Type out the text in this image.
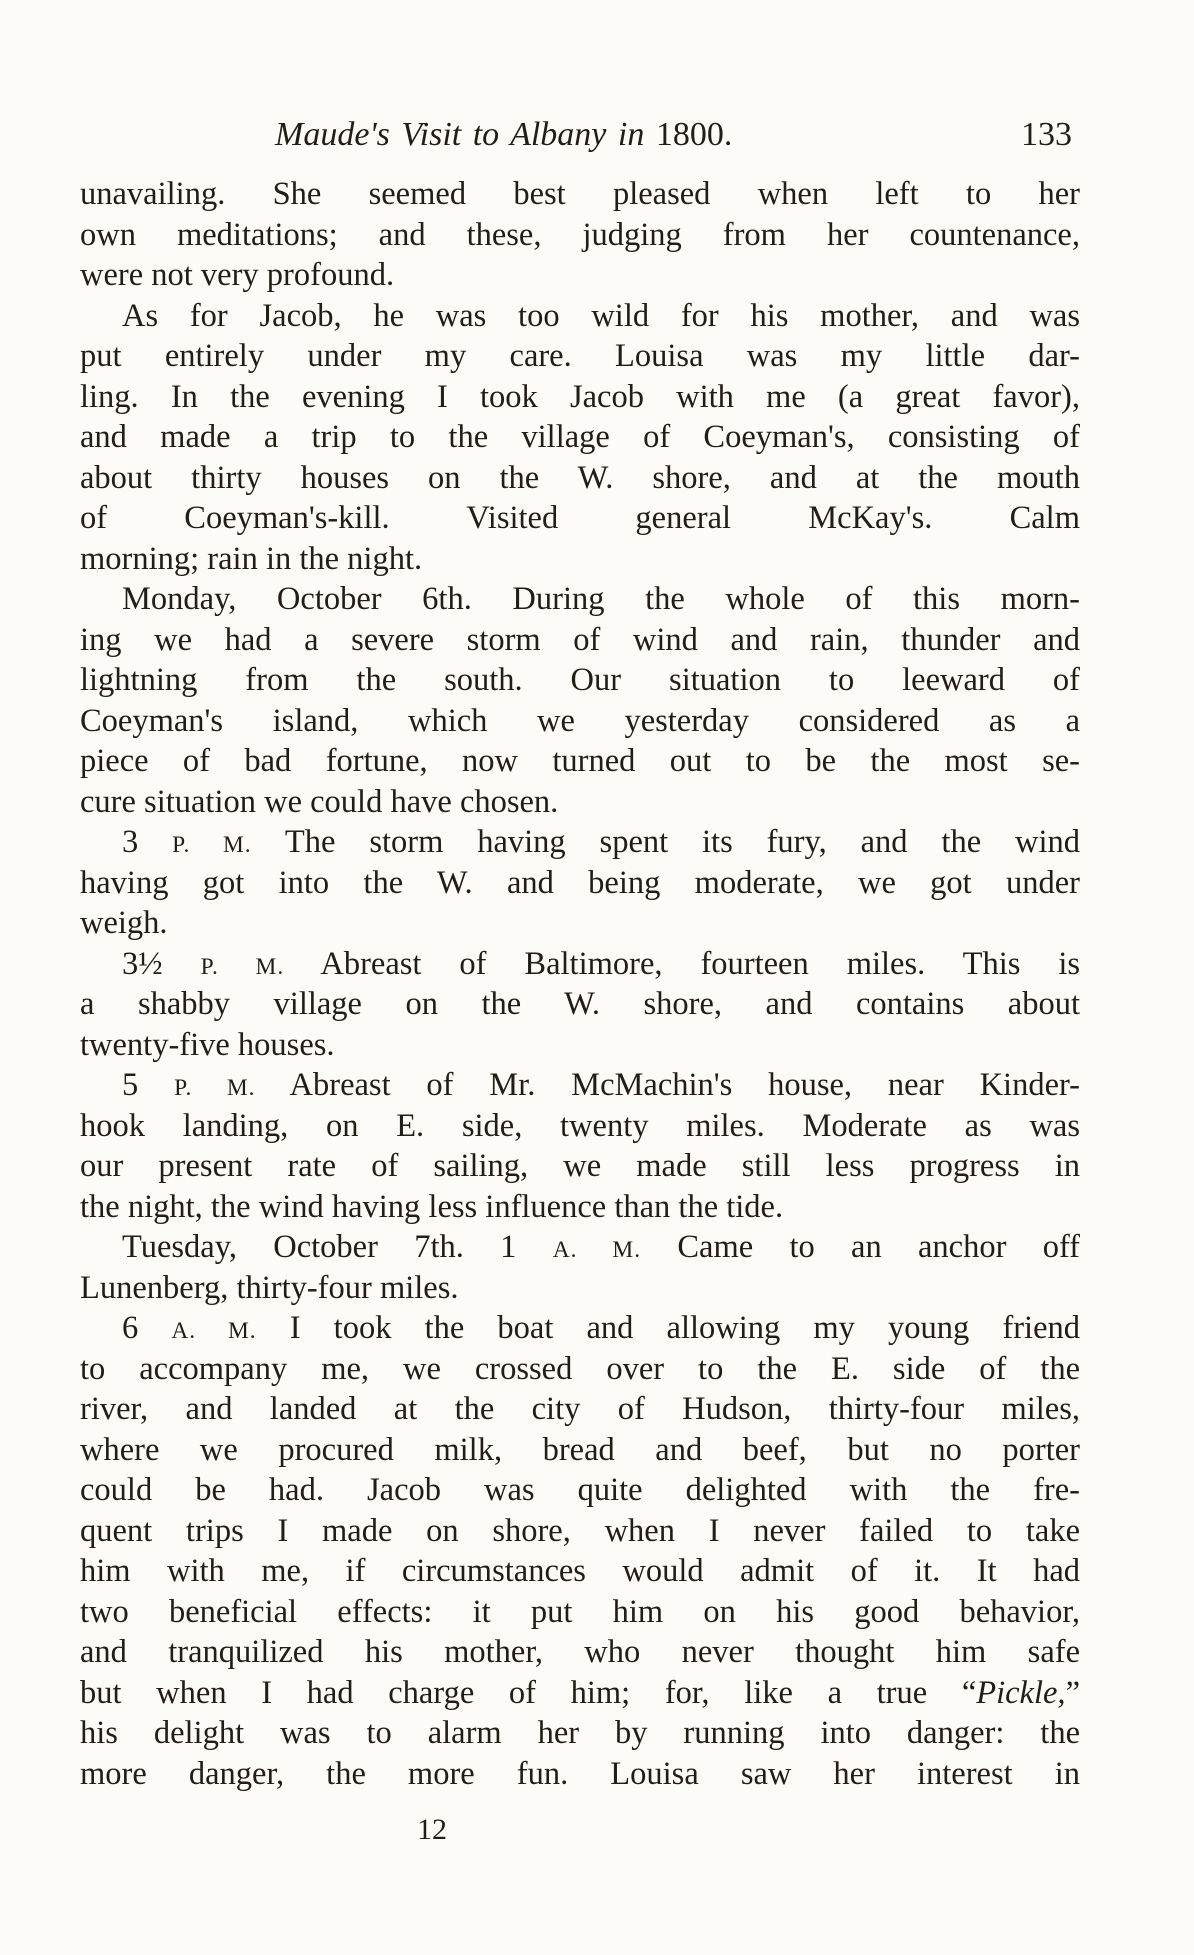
Maude's Visit to Albany in 1800.	133
unavailing. She seemed best pleased when left to her
own meditations; and these, judging from her countenance,
were not very profound.
As for Jacob, he was too wild for his mother, and was
put entirely under my care. Louisa was my little dar-
ling. In the evening I took Jacob with me (a great favor),
and made a trip to the village of Coeyman's, consisting of
about thirty houses on the W. shore, and at the mouth
of Coeyman's-kill. Visited general McKay's. Calm
morning; rain in the night.
Monday, October 6th. During the whole of this morn-
ing we had a severe storm of wind and rain, thunder and
lightning from the south. Our situation to leeward of
Coeyman's island, which we yesterday considered as a
piece of bad fortune, now turned out to be the most se-
cure situation we could have chosen.
3 P. M. The storm having spent its fury, and the wind
having got into the W. and being moderate, we got under
weigh.
3½ P. M. Abreast of Baltimore, fourteen miles. This is
a shabby village on the W. shore, and contains about
twenty-five houses.
5 P. M. Abreast of Mr. McMachin's house, near Kinder-
hook landing, on E. side, twenty miles. Moderate as was
our present rate of sailing, we made still less progress in
the night, the wind having less influence than the tide.
Tuesday, October 7th. 1 A. M. Came to an anchor off
Lunenberg, thirty-four miles.
6 A. M. I took the boat and allowing my young friend
to accompany me, we crossed over to the E. side of the
river, and landed at the city of Hudson, thirty-four miles,
where we procured milk, bread and beef, but no porter
could be had. Jacob was quite delighted with the fre-
quent trips I made on shore, when I never failed to take
him with me, if circumstances would admit of it. It had
two beneficial effects: it put him on his good behavior,
and tranquilized his mother, who never thought him safe
but when I had charge of him; for, like a true “Pickle,”
his delight was to alarm her by running into danger: the
more danger, the more fun. Louisa saw her interest in
12
